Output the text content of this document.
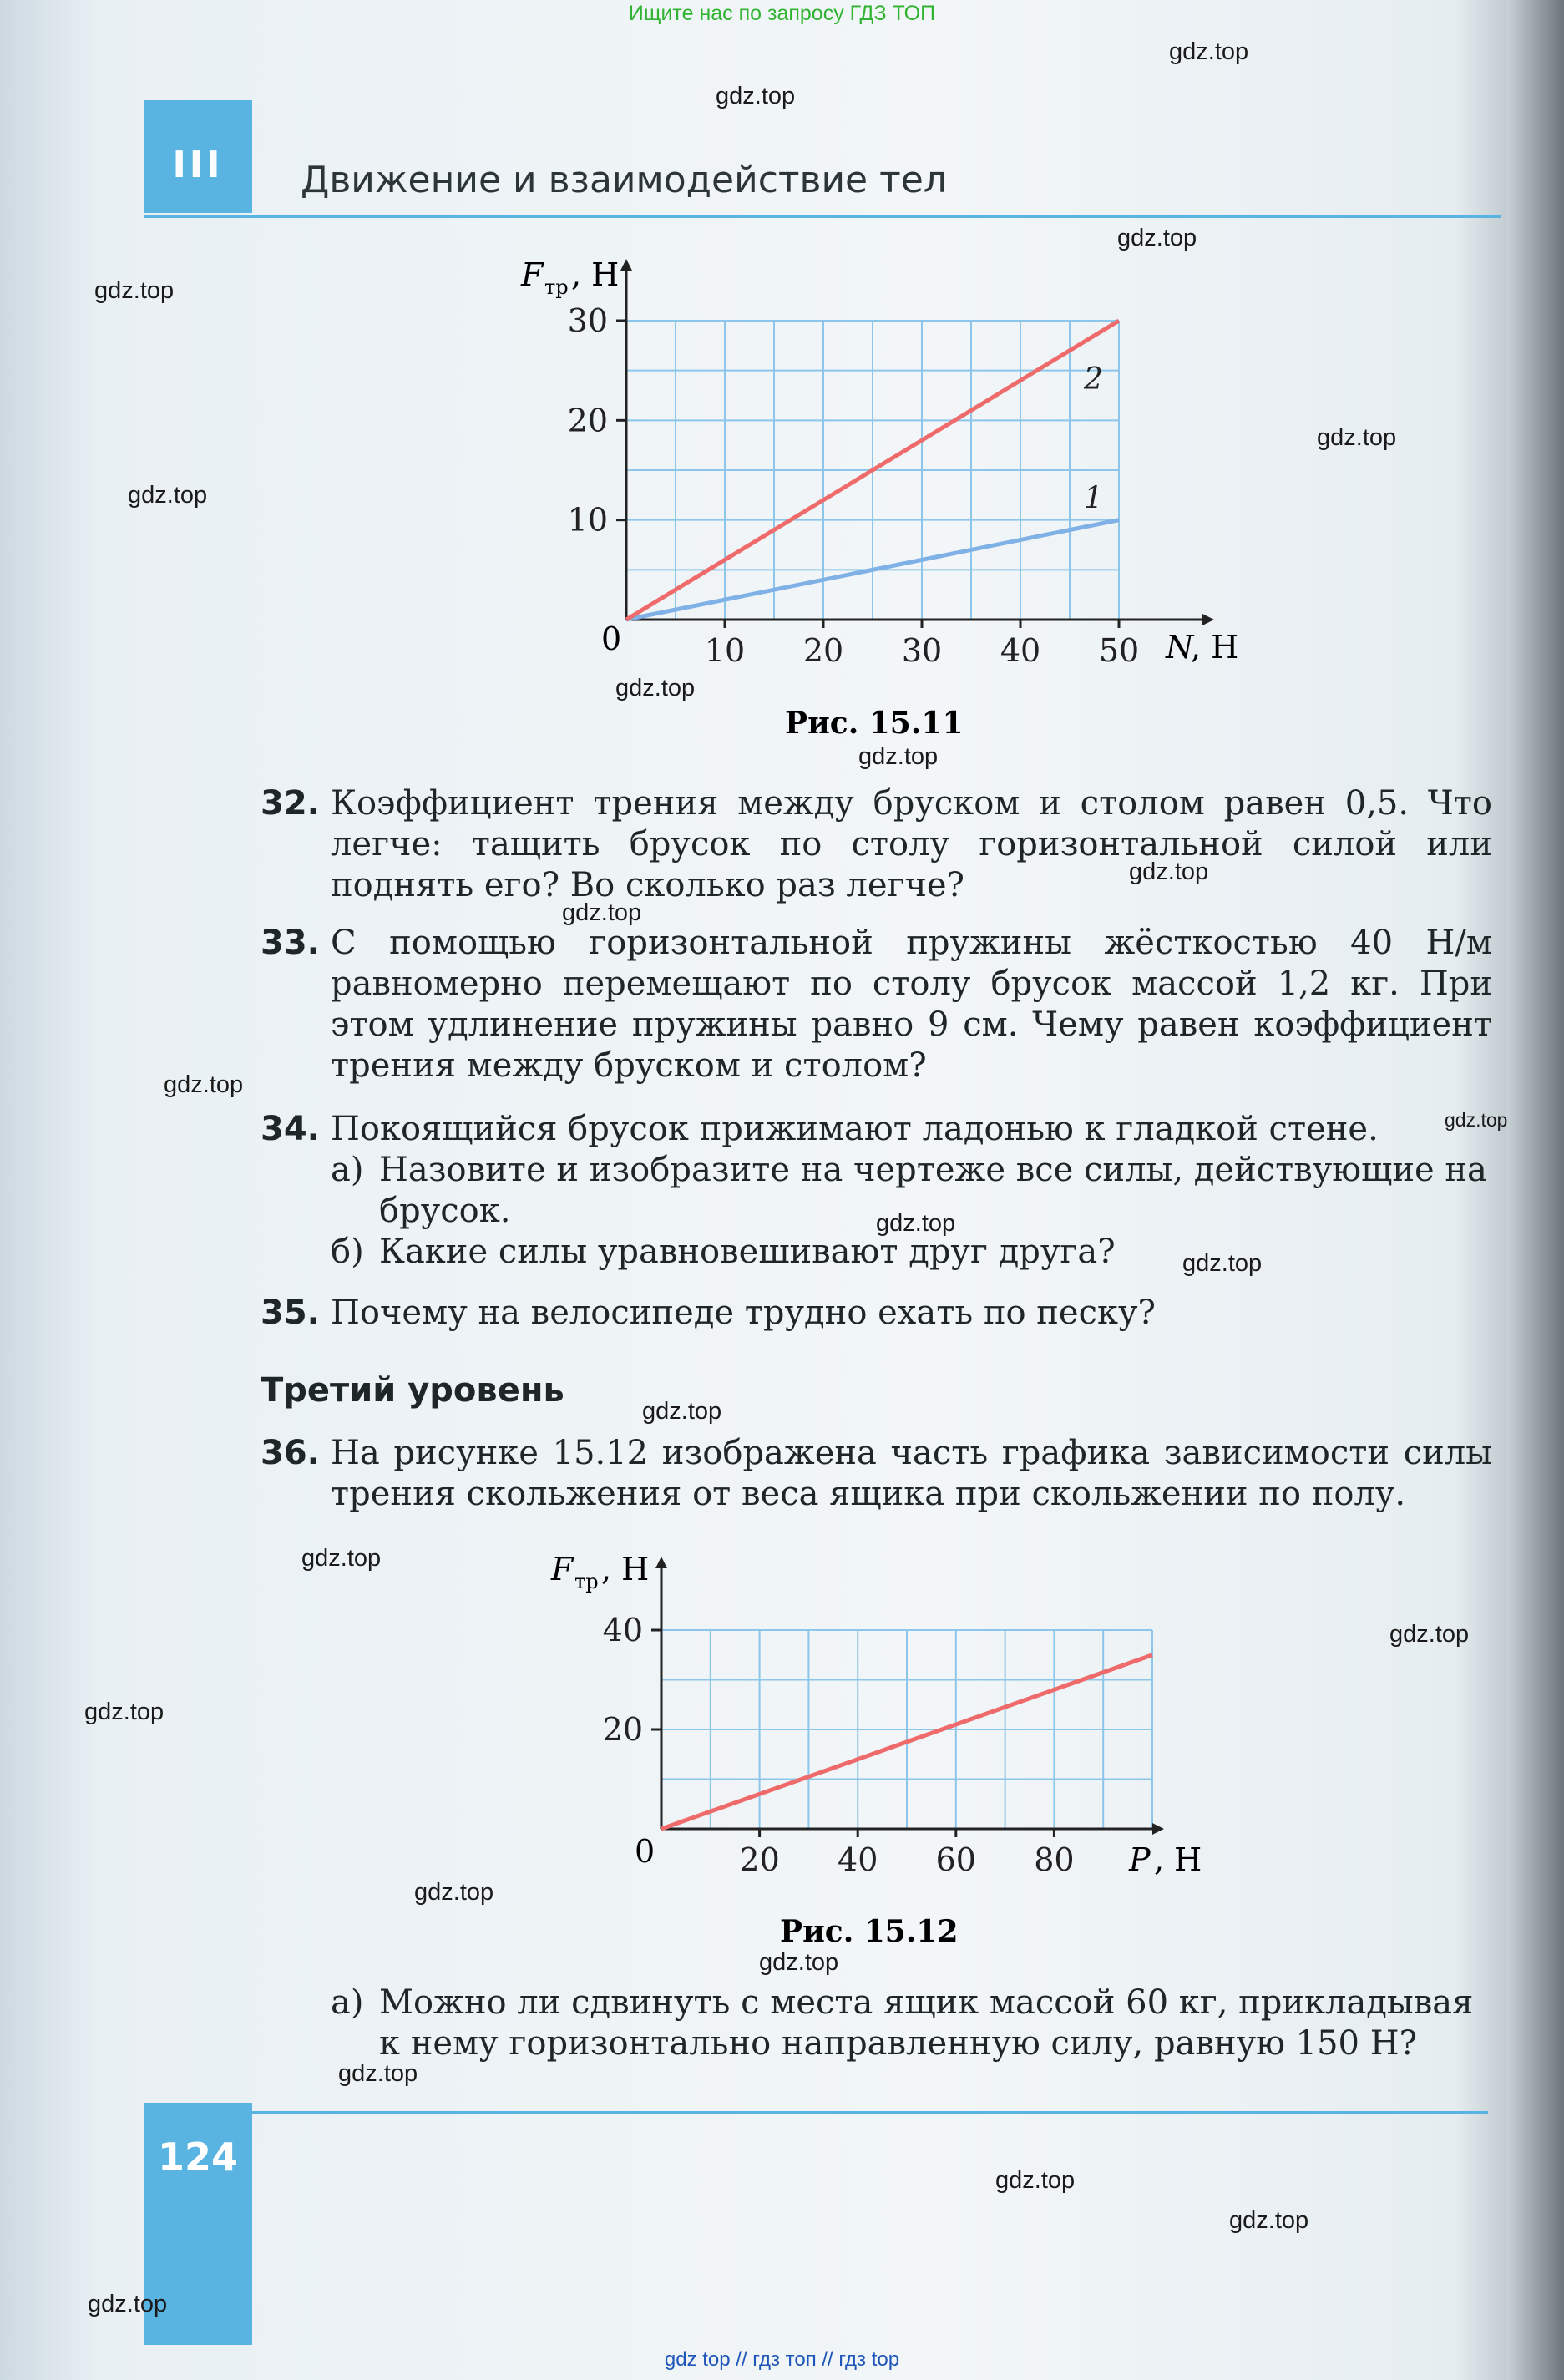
Ищите нас по запросу ГДЗ ТОП
III	Движение и взаимодействие тел
F тр , Н
N
, Н
0
Рис. 15.11
10 20 30 40 50
10
20
30
1
2
F тр , Н
P , Н
0
Рис. 15.12
20 40 60 80
20
40
32. Коэффициент трения между бруском и столом равен 0,5. Что легче: тащить брусок по столу горизонтальной силой или поднять его? Во сколько раз легче?
33. С помощью горизонтальной пружины жёсткостью 40 Н/м равномерно перемещают по столу брусок массой 1,2 кг. При этом удлинение пружины равно 9 см. Чему равен коэффициент трения между бруском и столом?
34. Покоящийся брусок прижимают ладонью к гладкой стене.
а) Назовите и изобразите на чертеже все силы, действующие на брусок.
б) Какие силы уравновешивают друг друга?
35. Почему на велосипеде трудно ехать по песку?
Третий уровень
36. На рисунке 15.12 изображена часть графика зависимости силы трения скольжения от веса ящика при скольжении по полу.
а) Можно ли сдвинуть с места ящик массой 60 кг, прикладывая к нему горизонтально направленную силу, равную 150 Н?
124
gdz.top
gdz.top
gdz.top
gdz.top
gdz.top
gdz.top
gdz.top
gdz.top
gdz.top
gdz.top
gdz.top
gdz.top
gdz.top
gdz.top
gdz.top
gdz.top
gdz.top
gdz.top
gdz.top
gdz.top
gdz.top
gdz.top
gdz.top
gdz.top
gdz top // гдз топ // гдз top
